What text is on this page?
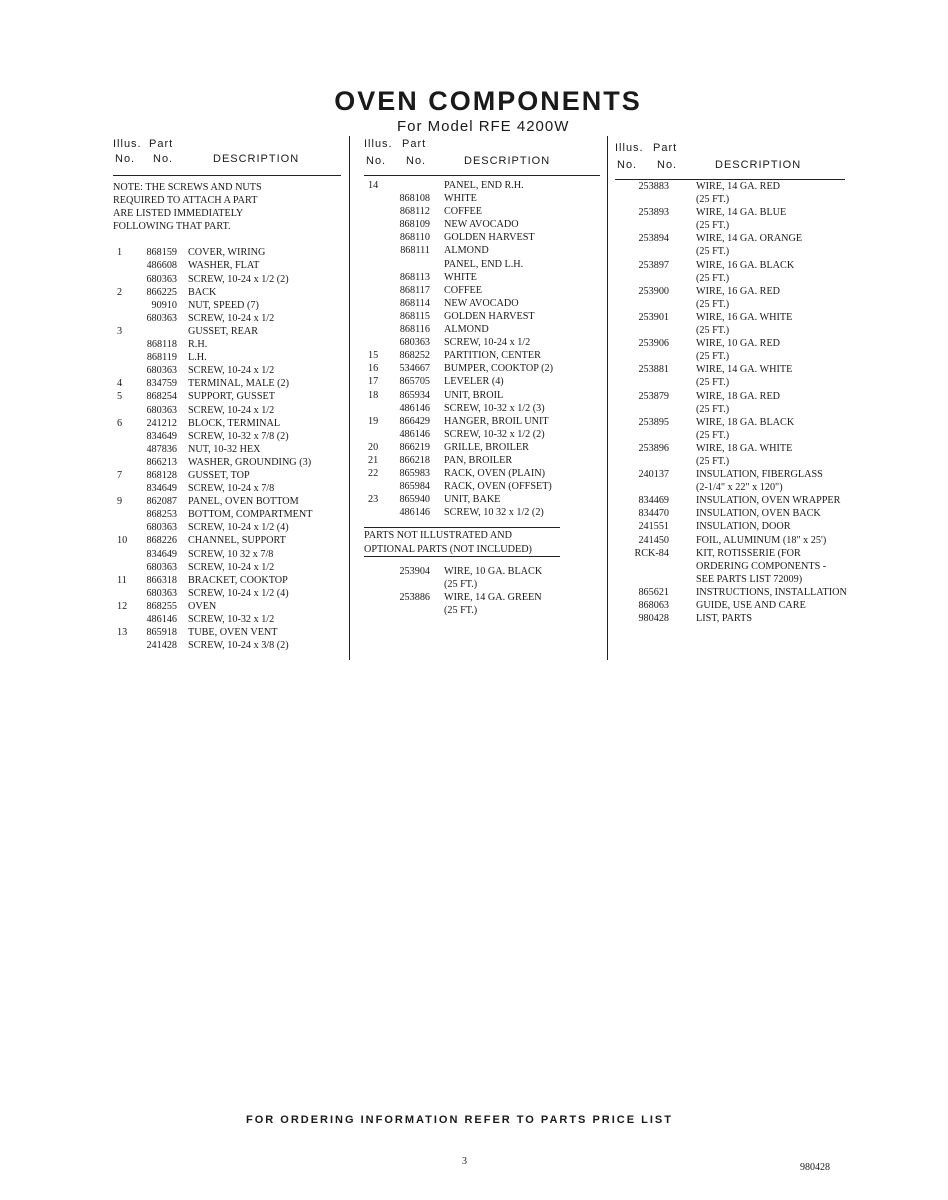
OVEN COMPONENTS
For Model RFE 4200W
Illus. Part
No. No.	DESCRIPTION
NOTE: THE SCREWS AND NUTS
REQUIRED TO ATTACH A PART
ARE LISTED IMMEDIATELY
FOLLOWING THAT PART.
1	868159 COVER, WIRING
486608 WASHER, FLAT
680363 SCREW, 10-24 x 1/2 (2)
2	866225 BACK
90910 NUT, SPEED (7)
680363 SCREW, 10-24 x 1/2
3	GUSSET, REAR
868118 R.H.
868119 L.H.
680363 SCREW, 10-24 x 1/2
4	834759 TERMINAL, MALE (2)
5	868254 SUPPORT, GUSSET
680363 SCREW, 10-24 x 1/2
6	241212 BLOCK, TERMINAL
834649 SCREW, 10-32 x 7/8 (2)
487836 NUT, 10-32 HEX
866213 WASHER, GROUNDING (3)
7	868128 GUSSET, TOP
834649 SCREW, 10-24 x 7/8
9	862087 PANEL, OVEN BOTTOM
868253 BOTTOM, COMPARTMENT
680363 SCREW, 10-24 x 1/2 (4)
10	868226 CHANNEL, SUPPORT
834649 SCREW, 10 32 x 7/8
680363 SCREW, 10-24 x 1/2
11	866318 BRACKET, COOKTOP
680363 SCREW, 10-24 x 1/2 (4)
12	868255 OVEN
486146 SCREW, 10-32 x 1/2
13	865918 TUBE, OVEN VENT
241428 SCREW, 10-24 x 3/8 (2)
Illus. Part
No. No.	DESCRIPTION
14	PANEL, END R.H.
868108 WHITE
868112 COFFEE
868109 NEW AVOCADO
868110 GOLDEN HARVEST
868111 ALMOND
PANEL, END L.H.
868113 WHITE
868117 COFFEE
868114 NEW AVOCADO
868115 GOLDEN HARVEST
868116 ALMOND
680363 SCREW, 10-24 x 1/2
15	868252 PARTITION, CENTER
16	534667 BUMPER, COOKTOP (2)
17	865705 LEVELER (4)
18	865934 UNIT, BROIL
486146 SCREW, 10-32 x 1/2 (3)
19	866429 HANGER, BROIL UNIT
486146 SCREW, 10-32 x 1/2 (2)
20	866219 GRILLE, BROILER
21	866218 PAN, BROILER
22	865983 RACK, OVEN (PLAIN)
865984 RACK, OVEN (OFFSET)
23	865940 UNIT, BAKE
486146 SCREW, 10 32 x 1/2 (2)
PARTS NOT ILLUSTRATED AND
OPTIONAL PARTS (NOT INCLUDED)
253904 WIRE, 10 GA. BLACK
(25 FT.)
253886 WIRE, 14 GA. GREEN
(25 FT.)
Illus. Part
No. No.	DESCRIPTION
253883	WIRE, 14 GA. RED
(25 FT.)
253893	WIRE, 14 GA. BLUE
(25 FT.)
253894	WIRE, 14 GA. ORANGE
(25 FT.)
253897	WIRE, 16 GA. BLACK
(25 FT.)
253900	WIRE, 16 GA. RED
(25 FT.)
253901	WIRE, 16 GA. WHITE
(25 FT.)
253906	WIRE, 10 GA. RED
(25 FT.)
253881	WIRE, 14 GA. WHITE
(25 FT.)
253879	WIRE, 18 GA. RED
(25 FT.)
253895	WIRE, 18 GA. BLACK
(25 FT.)
253896	WIRE, 18 GA. WHITE
(25 FT.)
240137	INSULATION, FIBERGLASS
(2-1/4" x 22" x 120")
834469	INSULATION, OVEN WRAPPER
834470	INSULATION, OVEN BACK
241551	INSULATION, DOOR
241450	FOIL, ALUMINUM (18" x 25')
RCK-84	KIT, ROTISSERIE (FOR
ORDERING COMPONENTS -
SEE PARTS LIST 72009)
865621	INSTRUCTIONS, INSTALLATION
868063	GUIDE, USE AND CARE
980428	LIST, PARTS
FOR ORDERING INFORMATION REFER TO PARTS PRICE LIST
3
980428
